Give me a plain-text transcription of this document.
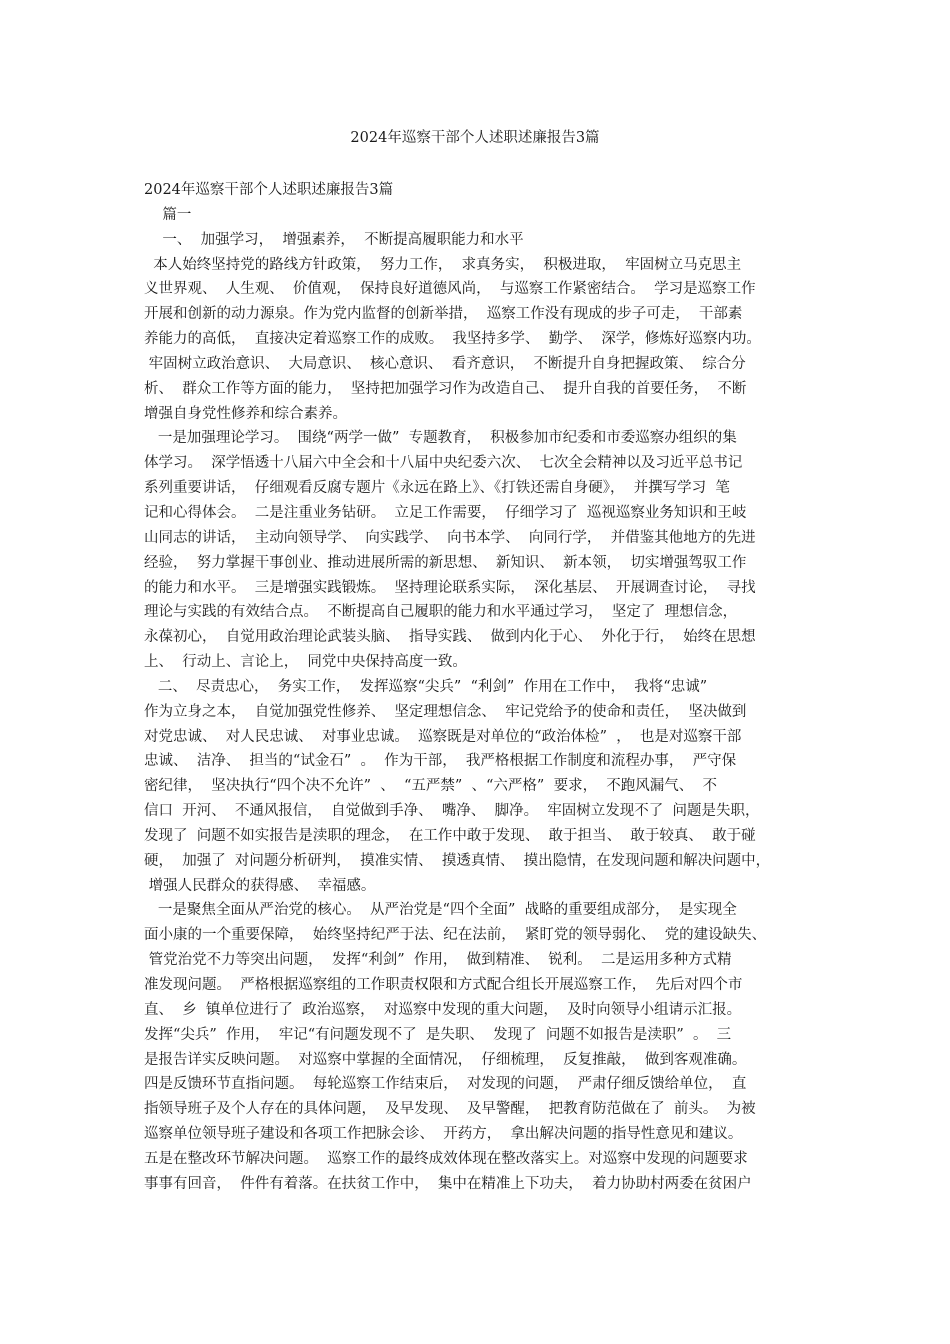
2024年巡察干部个人述职述廉报告3篇
2024年巡察干部个人述职述廉报告3篇
篇一
一、  加强学习，  增强素养，  不断提高履职能力和水平
本人始终坚持党的路线方针政策，  努力工作，  求真务实，  积极进取，  牢固树立马克思主
义世界观、  人生观、  价值观，  保持良好道德风尚，  与巡察工作紧密结合。  学习是巡察工作
开展和创新的动力源泉。作为党内监督的创新举措，  巡察工作没有现成的步子可走，  干部素
养能力的高低，  直接决定着巡察工作的成败。  我坚持多学、  勤学、  深学，修炼好巡察内功。
牢固树立政治意识、  大局意识、  核心意识、  看齐意识，  不断提升自身把握政策、  综合分
析、  群众工作等方面的能力，  坚持把加强学习作为改造自己、  提升自我的首要任务，  不断
增强自身党性修养和综合素养。
一是加强理论学习。  围绕“两学一做”  专题教育，  积极参加市纪委和市委巡察办组织的集
体学习。  深学悟透十八届六中全会和十八届中央纪委六次、  七次全会精神以及习近平总书记
系列重要讲话，  仔细观看反腐专题片《永远在路上》、《打铁还需自身硬》，  并撰写学习  笔
记和心得体会。  二是注重业务钻研。  立足工作需要，  仔细学习了  巡视巡察业务知识和王岐
山同志的讲话，  主动向领导学、  向实践学、  向书本学、  向同行学，  并借鉴其他地方的先进
经验，  努力掌握干事创业、推动进展所需的新思想、  新知识、  新本领，  切实增强驾驭工作
的能力和水平。  三是增强实践锻炼。  坚持理论联系实际，  深化基层、  开展调查讨论，  寻找
理论与实践的有效结合点。  不断提高自己履职的能力和水平通过学习，  坚定了  理想信念，
永葆初心，  自觉用政治理论武装头脑、  指导实践、  做到内化于心、  外化于行，  始终在思想
上、  行动上、言论上，  同党中央保持高度一致。
二、  尽责忠心，  务实工作，  发挥巡察“尖兵”  “利剑”  作用在工作中，  我将“忠诚”
作为立身之本，  自觉加强党性修养、  坚定理想信念、  牢记党给予的使命和责任，  坚决做到
对党忠诚、  对人民忠诚、  对事业忠诚。  巡察既是对单位的“政治体检”  ，  也是对巡察干部
忠诚、  洁净、  担当的“试金石”  。  作为干部，  我严格根据工作制度和流程办事，  严守保
密纪律，  坚决执行“四个决不允许”  、  “五严禁”  、“六严格”  要求，  不跑风漏气、  不
信口  开河、  不通风报信，  自觉做到手净、  嘴净、  脚净。  牢固树立发现不了  问题是失职，
发现了  问题不如实报告是渎职的理念，  在工作中敢于发现、  敢于担当、  敢于较真、  敢于碰
硬，  加强了  对问题分析研判，  摸准实情、  摸透真情、  摸出隐情，在发现问题和解决问题中，
增强人民群众的获得感、  幸福感。
一是聚焦全面从严治党的核心。  从严治党是“四个全面”  战略的重要组成部分，  是实现全
面小康的一个重要保障，  始终坚持纪严于法、纪在法前，  紧盯党的领导弱化、  党的建设缺失、
管党治党不力等突出问题，  发挥“利剑”  作用，  做到精准、  锐利。  二是运用多种方式精
准发现问题。  严格根据巡察组的工作职责权限和方式配合组长开展巡察工作，  先后对四个市
直、  乡  镇单位进行了  政治巡察，  对巡察中发现的重大问题，  及时向领导小组请示汇报。
发挥“尖兵”  作用，  牢记“有问题发现不了  是失职、  发现了  问题不如报告是渎职”  。  三
是报告详实反映问题。  对巡察中掌握的全面情况，  仔细梳理，  反复推敲，  做到客观准确。
四是反馈环节直指问题。  每轮巡察工作结束后，  对发现的问题，  严肃仔细反馈给单位，  直
指领导班子及个人存在的具体问题，  及早发现、  及早警醒，  把教育防范做在了  前头。  为被
巡察单位领导班子建设和各项工作把脉会诊、  开药方，  拿出解决问题的指导性意见和建议。
五是在整改环节解决问题。  巡察工作的最终成效体现在整改落实上。对巡察中发现的问题要求
事事有回音，  件件有着落。在扶贫工作中，  集中在精准上下功夫，  着力协助村两委在贫困户
